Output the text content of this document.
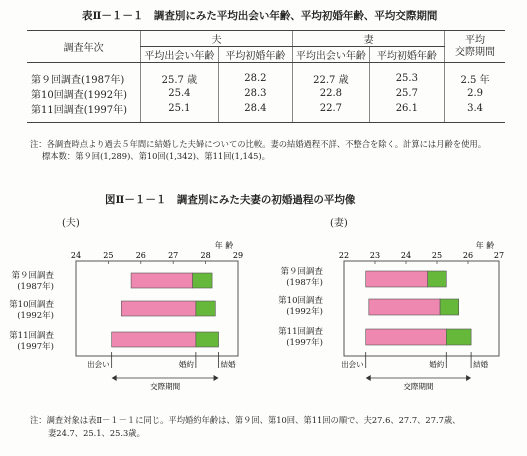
表Ⅱ－１－１　調査別にみた平均出会い年齢、平均初婚年齢、平均交際期間
調査年次	夫		妻		平均
交際期間
	平均出会い年齢	平均初婚年齢	平均出会い年齢	平均初婚年齢	

第９回調査(1987年)	25.7 歳	28.2	22.7 歳	25.3	2.5 年
第10回調査(1992年)	25.4	28.3	22.8	25.7	2.9
第11回調査(1997年)	25.1	28.4	22.7	26.1	3.4

注：各調査時点より過去５年間に結婚した夫婦についての比較。妻の結婚過程不詳、不整合を除く。計算には月齢を使用。
標本数：第９回(1,289)、第10回(1,342)、第11回(1,145)。
図Ⅱ－１－１　調査別にみた夫妻の初婚過程の平均像
(夫)	(妻)
第９回調査
(1987年)
第10回調査
(1992年)
第11回調査
(1997年)
第９回調査
(1987年)
第10回調査
(1992年)
第11回調査
(1997年)
24	25	26	27	28	29
年 齢
出会い	婚約	結婚
交際期間
22	23	24	25	26	27
年 齢
出会い	婚約	結婚
交際期間
注：調査対象は表Ⅱ－１－１に同じ。平均婚約年齢は、第９回、第10回、第11回の順で、夫27.6、27.7、27.7歳、
妻24.7、25.1、25.3歳。
